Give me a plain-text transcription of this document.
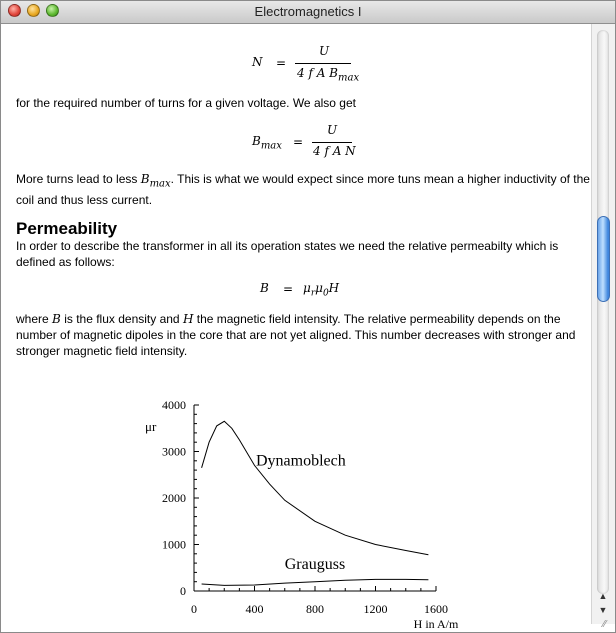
Electromagnetics I
N =
U
4 f A $B_{max}$

for the required number of turns for a given voltage. We also get

$B_{max}$ =
U
4 f A N

More turns lead to less $B_{max}$. This is what we would expect since more tuns mean a higher inductivity of the coil and thus less current.

Permeability

In order to describe the transformer in all its operation states we need the relative permeabilty which is defined as follows:

$B = \mu_r\mu_0H$

where B is the flux density and H the magnetic field intensity. The relative permeability depends on the number of magnetic dipoles in the core that are not yet aligned. This number decreases with stronger and stronger magnetic field intensity.

0
1000
2000
3000
4000
0	400	800	1200	1600
μr
H in A/m
Dynamoblech
Grauguss
▲
▼
⁄⁄
